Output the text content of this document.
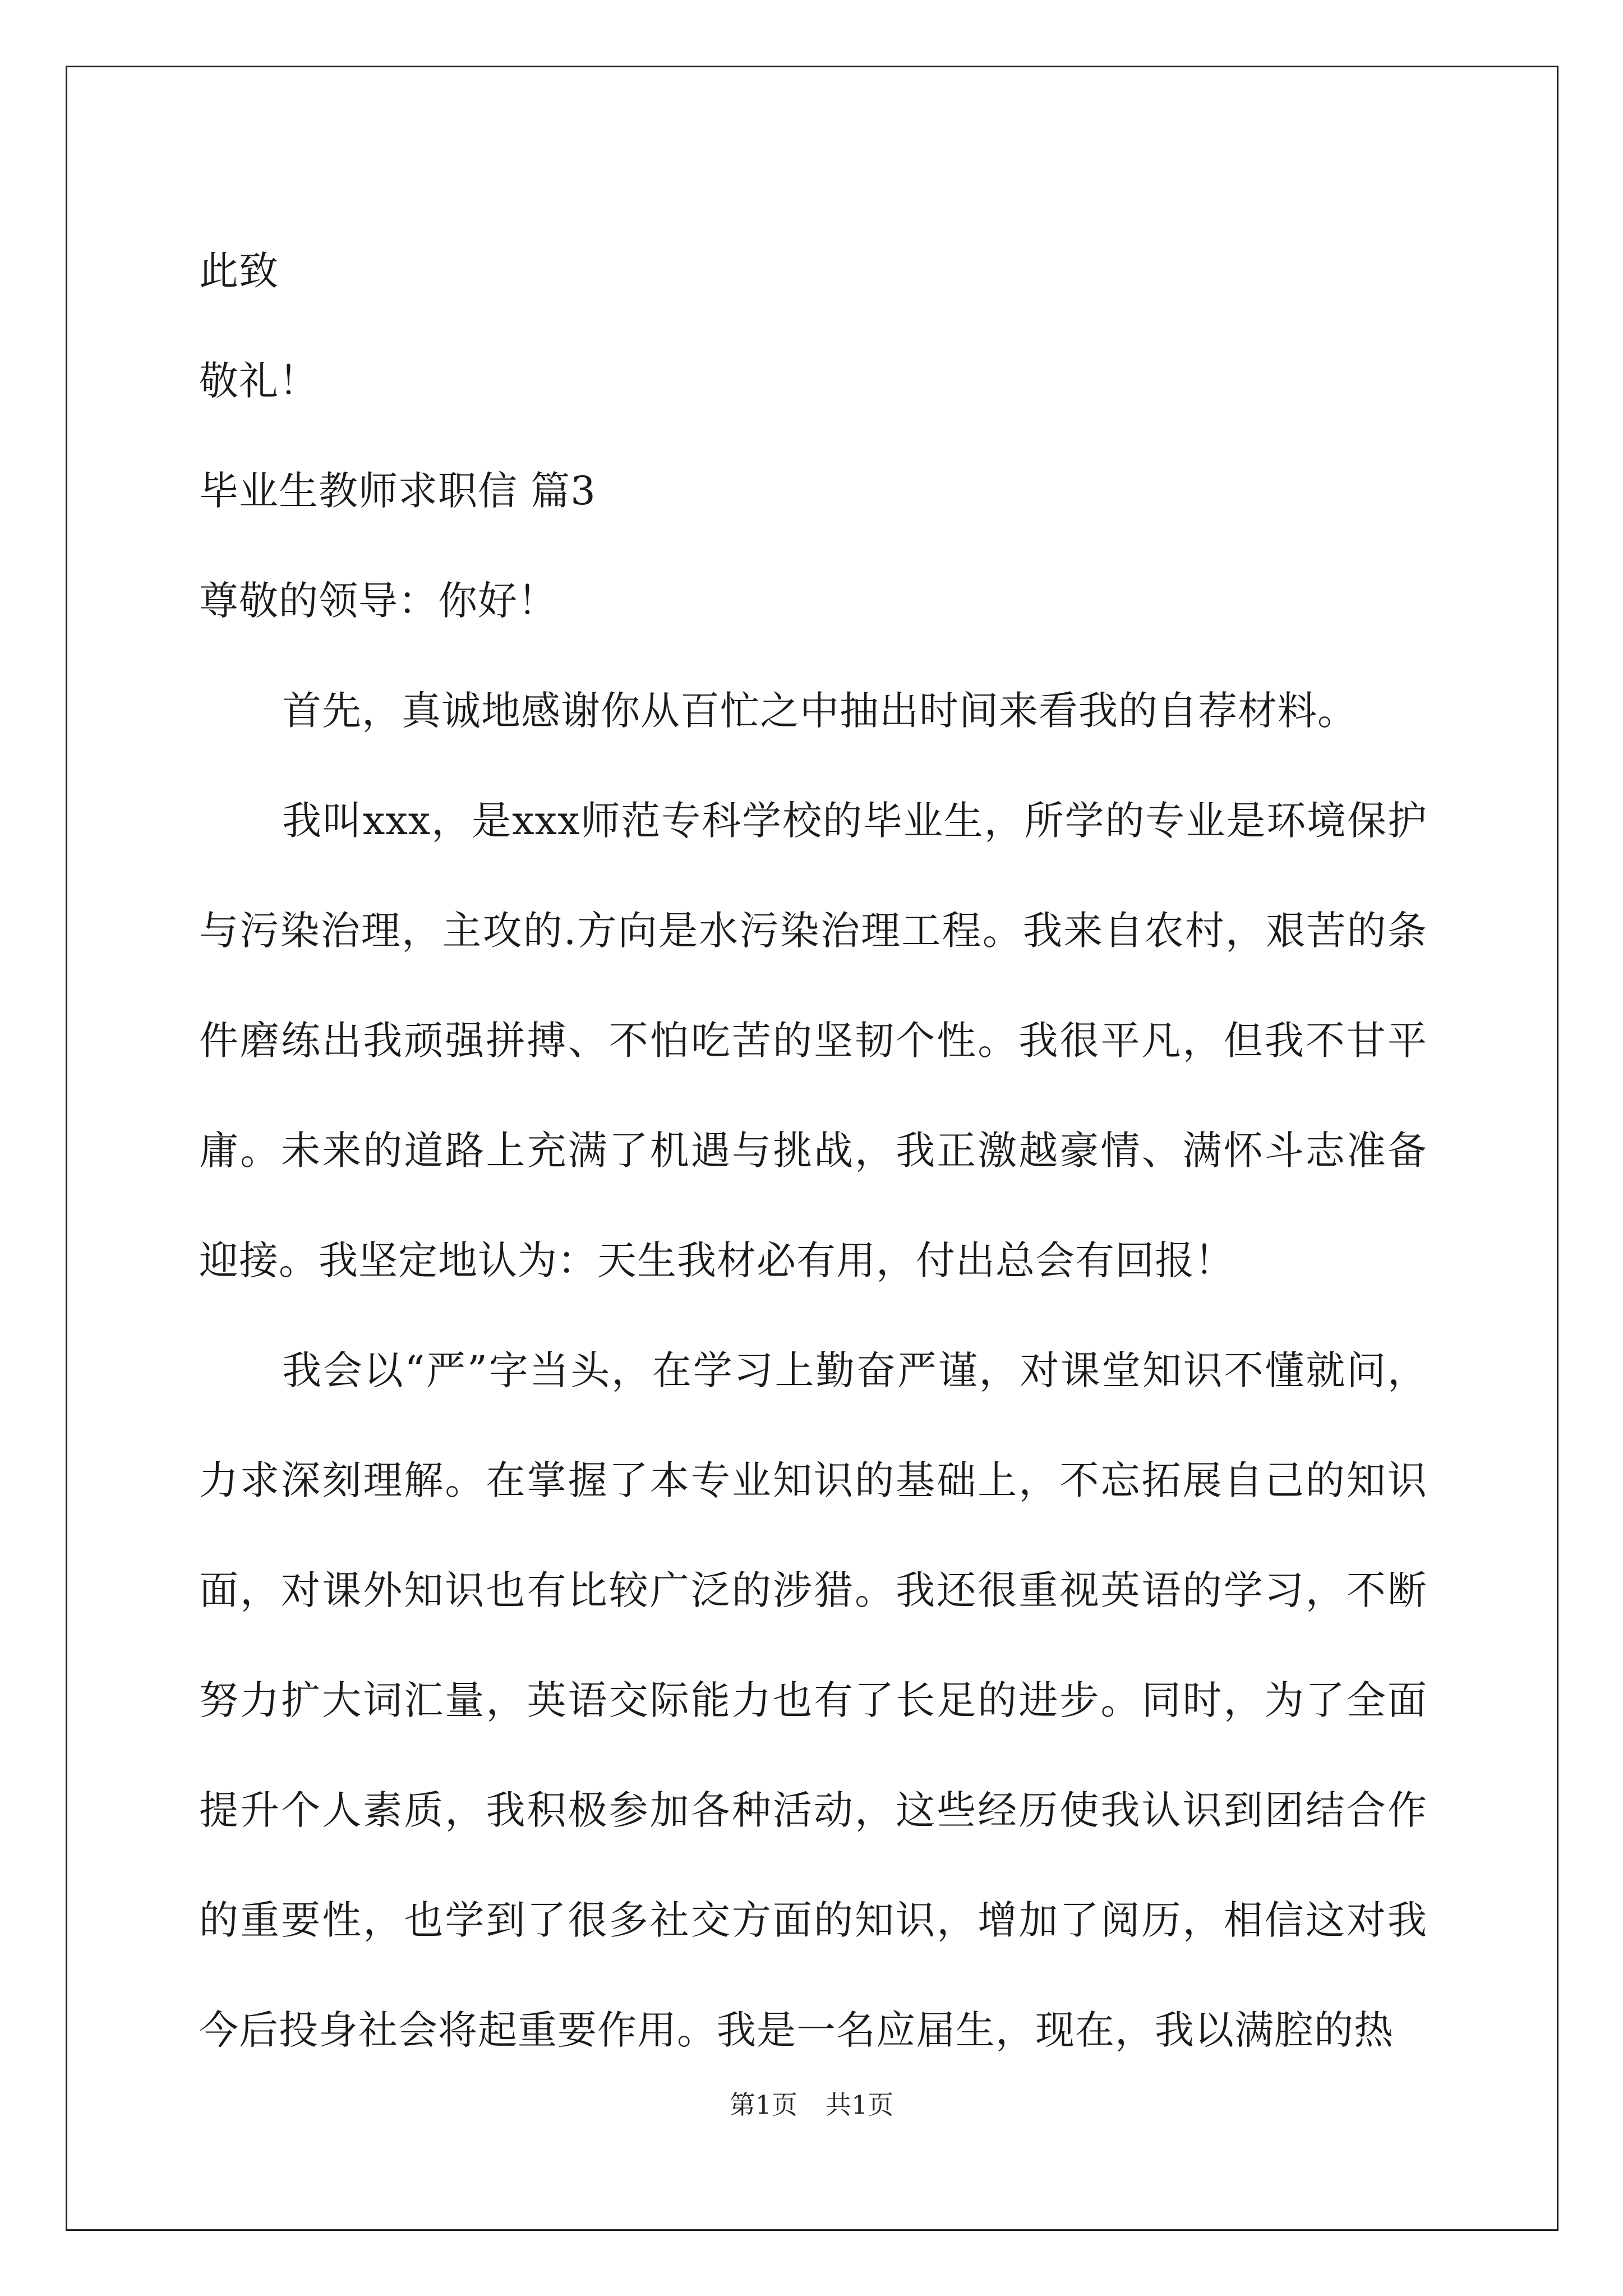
此致
敬礼！
毕业生教师求职信 篇3
尊敬的领导：你好！
首先，真诚地感谢你从百忙之中抽出时间来看我的自荐材料。
我叫xxx，是xxx师范专科学校的毕业生，所学的专业是环境保护与污染治理，主攻的.方向是水污染治理工程。我来自农村，艰苦的条件磨练出我顽强拼搏、不怕吃苦的坚韧个性。我很平凡，但我不甘平庸。未来的道路上充满了机遇与挑战，我正激越豪情、满怀斗志准备迎接。我坚定地认为：天生我材必有用，付出总会有回报！
我会以“严”字当头，在学习上勤奋严谨，对课堂知识不懂就问，力求深刻理解。在掌握了本专业知识的基础上，不忘拓展自己的知识面，对课外知识也有比较广泛的涉猎。我还很重视英语的学习，不断努力扩大词汇量，英语交际能力也有了长足的进步。同时，为了全面提升个人素质，我积极参加各种活动，这些经历使我认识到团结合作的重要性，也学到了很多社交方面的知识，增加了阅历，相信这对我今后投身社会将起重要作用。我是一名应届生，现在，我以满腔的热
第1页 共1页
